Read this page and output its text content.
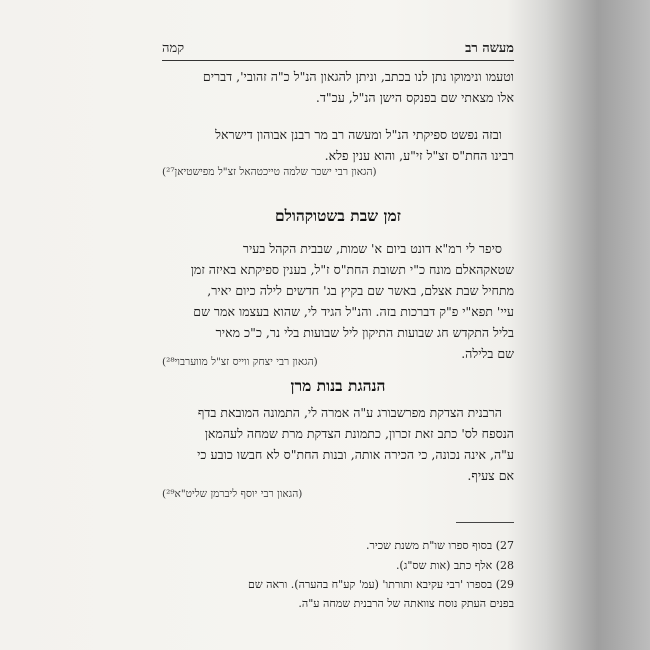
מעשה רב
קמה
וטעמו ונימוקו נתן לנו בכתב, וניתן להגאון הנ"ל כ"ה זהובי', דברים
אלו מצאתי שם בפנקס הישן הנ"ל, עכ"ד.
ובזה נפשט ספיקתי הנ"ל ומעשה רב מר רבנן אבוהון דישראל
רבינו החת"ס זצ"ל זי"ע, והוא ענין פלא.
(הגאון רבי ישכר שלמה טייכטהאל זצ"ל מפישטיאן²⁷)
זמן שבת בשטוקהולם
סיפר לי רמ"א דונט ביום א' שמות, שבבית הקהל בעיר
שטאקהאלם מונח כ"י תשובת החת"ס ז"ל, בענין ספיקתא באיזה זמן
מתחיל שבת אצלם, באשר שם בקיץ בג' חדשים לילה כיום יאיר,
עיי' תפא"י פ"ק דברכות בזה. והנ"ל הגיד לי, שהוא בעצמו אמר שם
בליל התקדש חג שבועות התיקון ליל שבועות בלי נר, כ"כ מאיר
שם בלילה.
(הגאון רבי יצחק ווייס זצ"ל מווערבוי²⁸)
הנהגת בנות מרן
הרבנית הצדקת מפרשבורג ע"ה אמרה לי, התמונה המובאת בדף
הנספח לס' כתב זאת זכרון, כתמונת הצדקת מרת שמחה לעהמאן
ע"ה, אינה נכונה, כי הכירה אותה, ובנות החת"ס לא חבשו כובע כי
אם צעיף.
(הגאון רבי יוסף ליברמן שליט"א²⁹)
27) בסוף ספרו שו"ת משנת שכיר.
28) אלף כתב (אות שס"ג).
29) בספרו 'רבי עקיבא ותורתו' (עמ' קע"ח בהערה). וראה שם
בפנים העתק נוסח צוואתה של הרבנית שמחה ע"ה.
